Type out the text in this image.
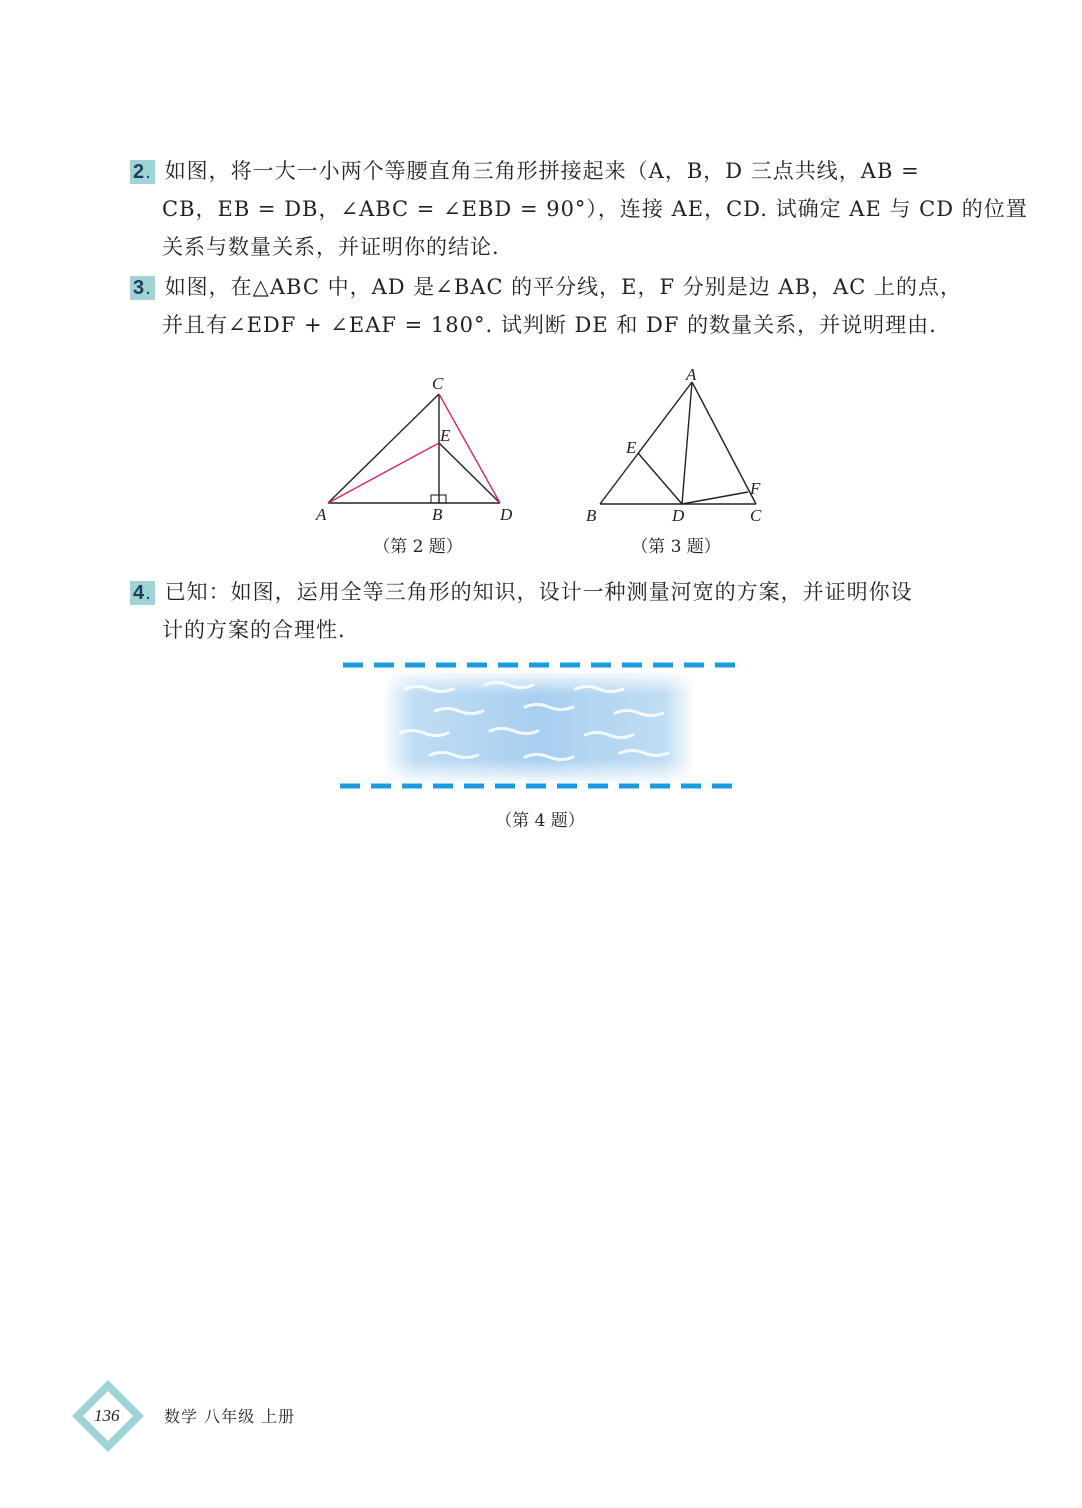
2. 如图，将一大一小两个等腰直角三角形拼接起来（A，B，D 三点共线，AB =
CB，EB = DB，∠ABC = ∠EBD = 90°），连接 AE，CD. 试确定 AE 与 CD 的位置
关系与数量关系，并证明你的结论.
3. 如图，在△ABC 中，AD 是∠BAC 的平分线，E，F 分别是边 AB，AC 上的点，
并且有∠EDF + ∠EAF = 180°. 试判断 DE 和 DF 的数量关系，并说明理由.
A	B
C
D
E
（第 2 题）
A
B	C
D
E
F
（第 3 题）
4. 已知：如图，运用全等三角形的知识，设计一种测量河宽的方案，并证明你设
计的方案的合理性.
（第 4 题）
136	数学 八年级 上册
